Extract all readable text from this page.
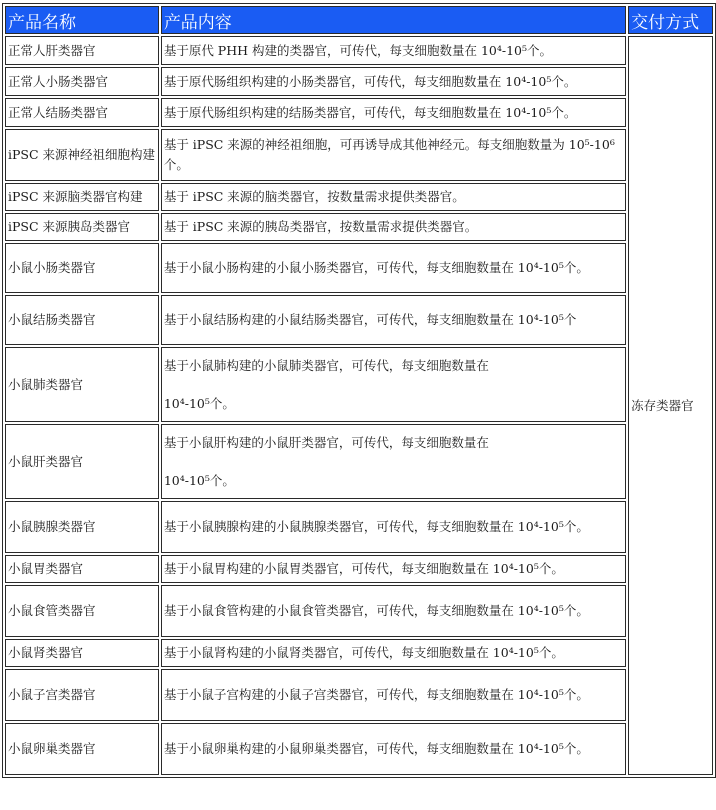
产品名称	产品内容	交付方式
正常人肝类器官	基于原代 PHH 构建的类器官，可传代，每支细胞数量在 10⁴-10⁵个。	冻存类器官
正常人小肠类器官	基于原代肠组织构建的小肠类器官，可传代，每支细胞数量在 10⁴-10⁵个。	
正常人结肠类器官	基于原代肠组织构建的结肠类器官，可传代，每支细胞数量在 10⁴-10⁵个。	
iPSC 来源神经祖细胞构建	基于 iPSC 来源的神经祖细胞，可再诱导成其他神经元。每支细胞数量为 10⁵-10⁶个。	
iPSC 来源脑类器官构建	基于 iPSC 来源的脑类器官，按数量需求提供类器官。	
iPSC 来源胰岛类器官	基于 iPSC 来源的胰岛类器官，按数量需求提供类器官。	
小鼠小肠类器官	基于小鼠小肠构建的小鼠小肠类器官，可传代，每支细胞数量在 10⁴-10⁵个。	
小鼠结肠类器官	基于小鼠结肠构建的小鼠结肠类器官，可传代，每支细胞数量在 10⁴-10⁵个	
小鼠肺类器官	基于小鼠肺构建的小鼠肺类器官，可传代，每支细胞数量在
10⁴-10⁵个。	

小鼠肝类器官	基于小鼠肝构建的小鼠肝类器官，可传代，每支细胞数量在
10⁴-10⁵个。	

小鼠胰腺类器官	基于小鼠胰腺构建的小鼠胰腺类器官，可传代，每支细胞数量在 10⁴-10⁵个。	
小鼠胃类器官	基于小鼠胃构建的小鼠胃类器官，可传代，每支细胞数量在 10⁴-10⁵个。	
小鼠食管类器官	基于小鼠食管构建的小鼠食管类器官，可传代，每支细胞数量在 10⁴-10⁵个。	
小鼠肾类器官	基于小鼠肾构建的小鼠肾类器官，可传代，每支细胞数量在 10⁴-10⁵个。	
小鼠子宫类器官	基于小鼠子宫构建的小鼠子宫类器官，可传代，每支细胞数量在 10⁴-10⁵个。	
小鼠卵巢类器官	基于小鼠卵巢构建的小鼠卵巢类器官，可传代，每支细胞数量在 10⁴-10⁵个。	
